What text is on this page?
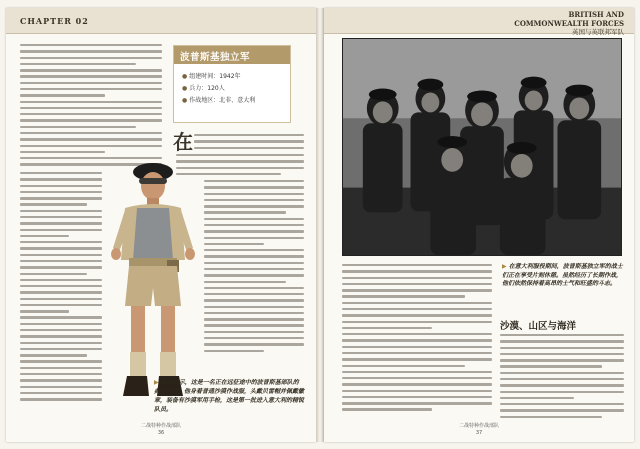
CHAPTER 02
波普斯基独立军
● 组建时间：1942年
● 兵力：120人
● 作战地区：北非、意大利
在
▶ 如图所示，这是一名正在远征途中的波普斯基部队的典型代表。他身着普通沙漠作战服，头戴贝雷帽并佩戴徽章，装备有沙漠军用手枪，这是第一批进入意大利的精锐队员。
二战特种作战部队
36
BRITISH AND
COMMONWEALTH FORCES
英国与英联邦军队
▶ 在意大利服役期间，波普斯基独立军的战士们正在享受片刻休憩。虽然经历了长期作战，他们依然保持着高昂的士气和旺盛的斗志。
沙漠、山区与海洋
二战特种作战部队
37
